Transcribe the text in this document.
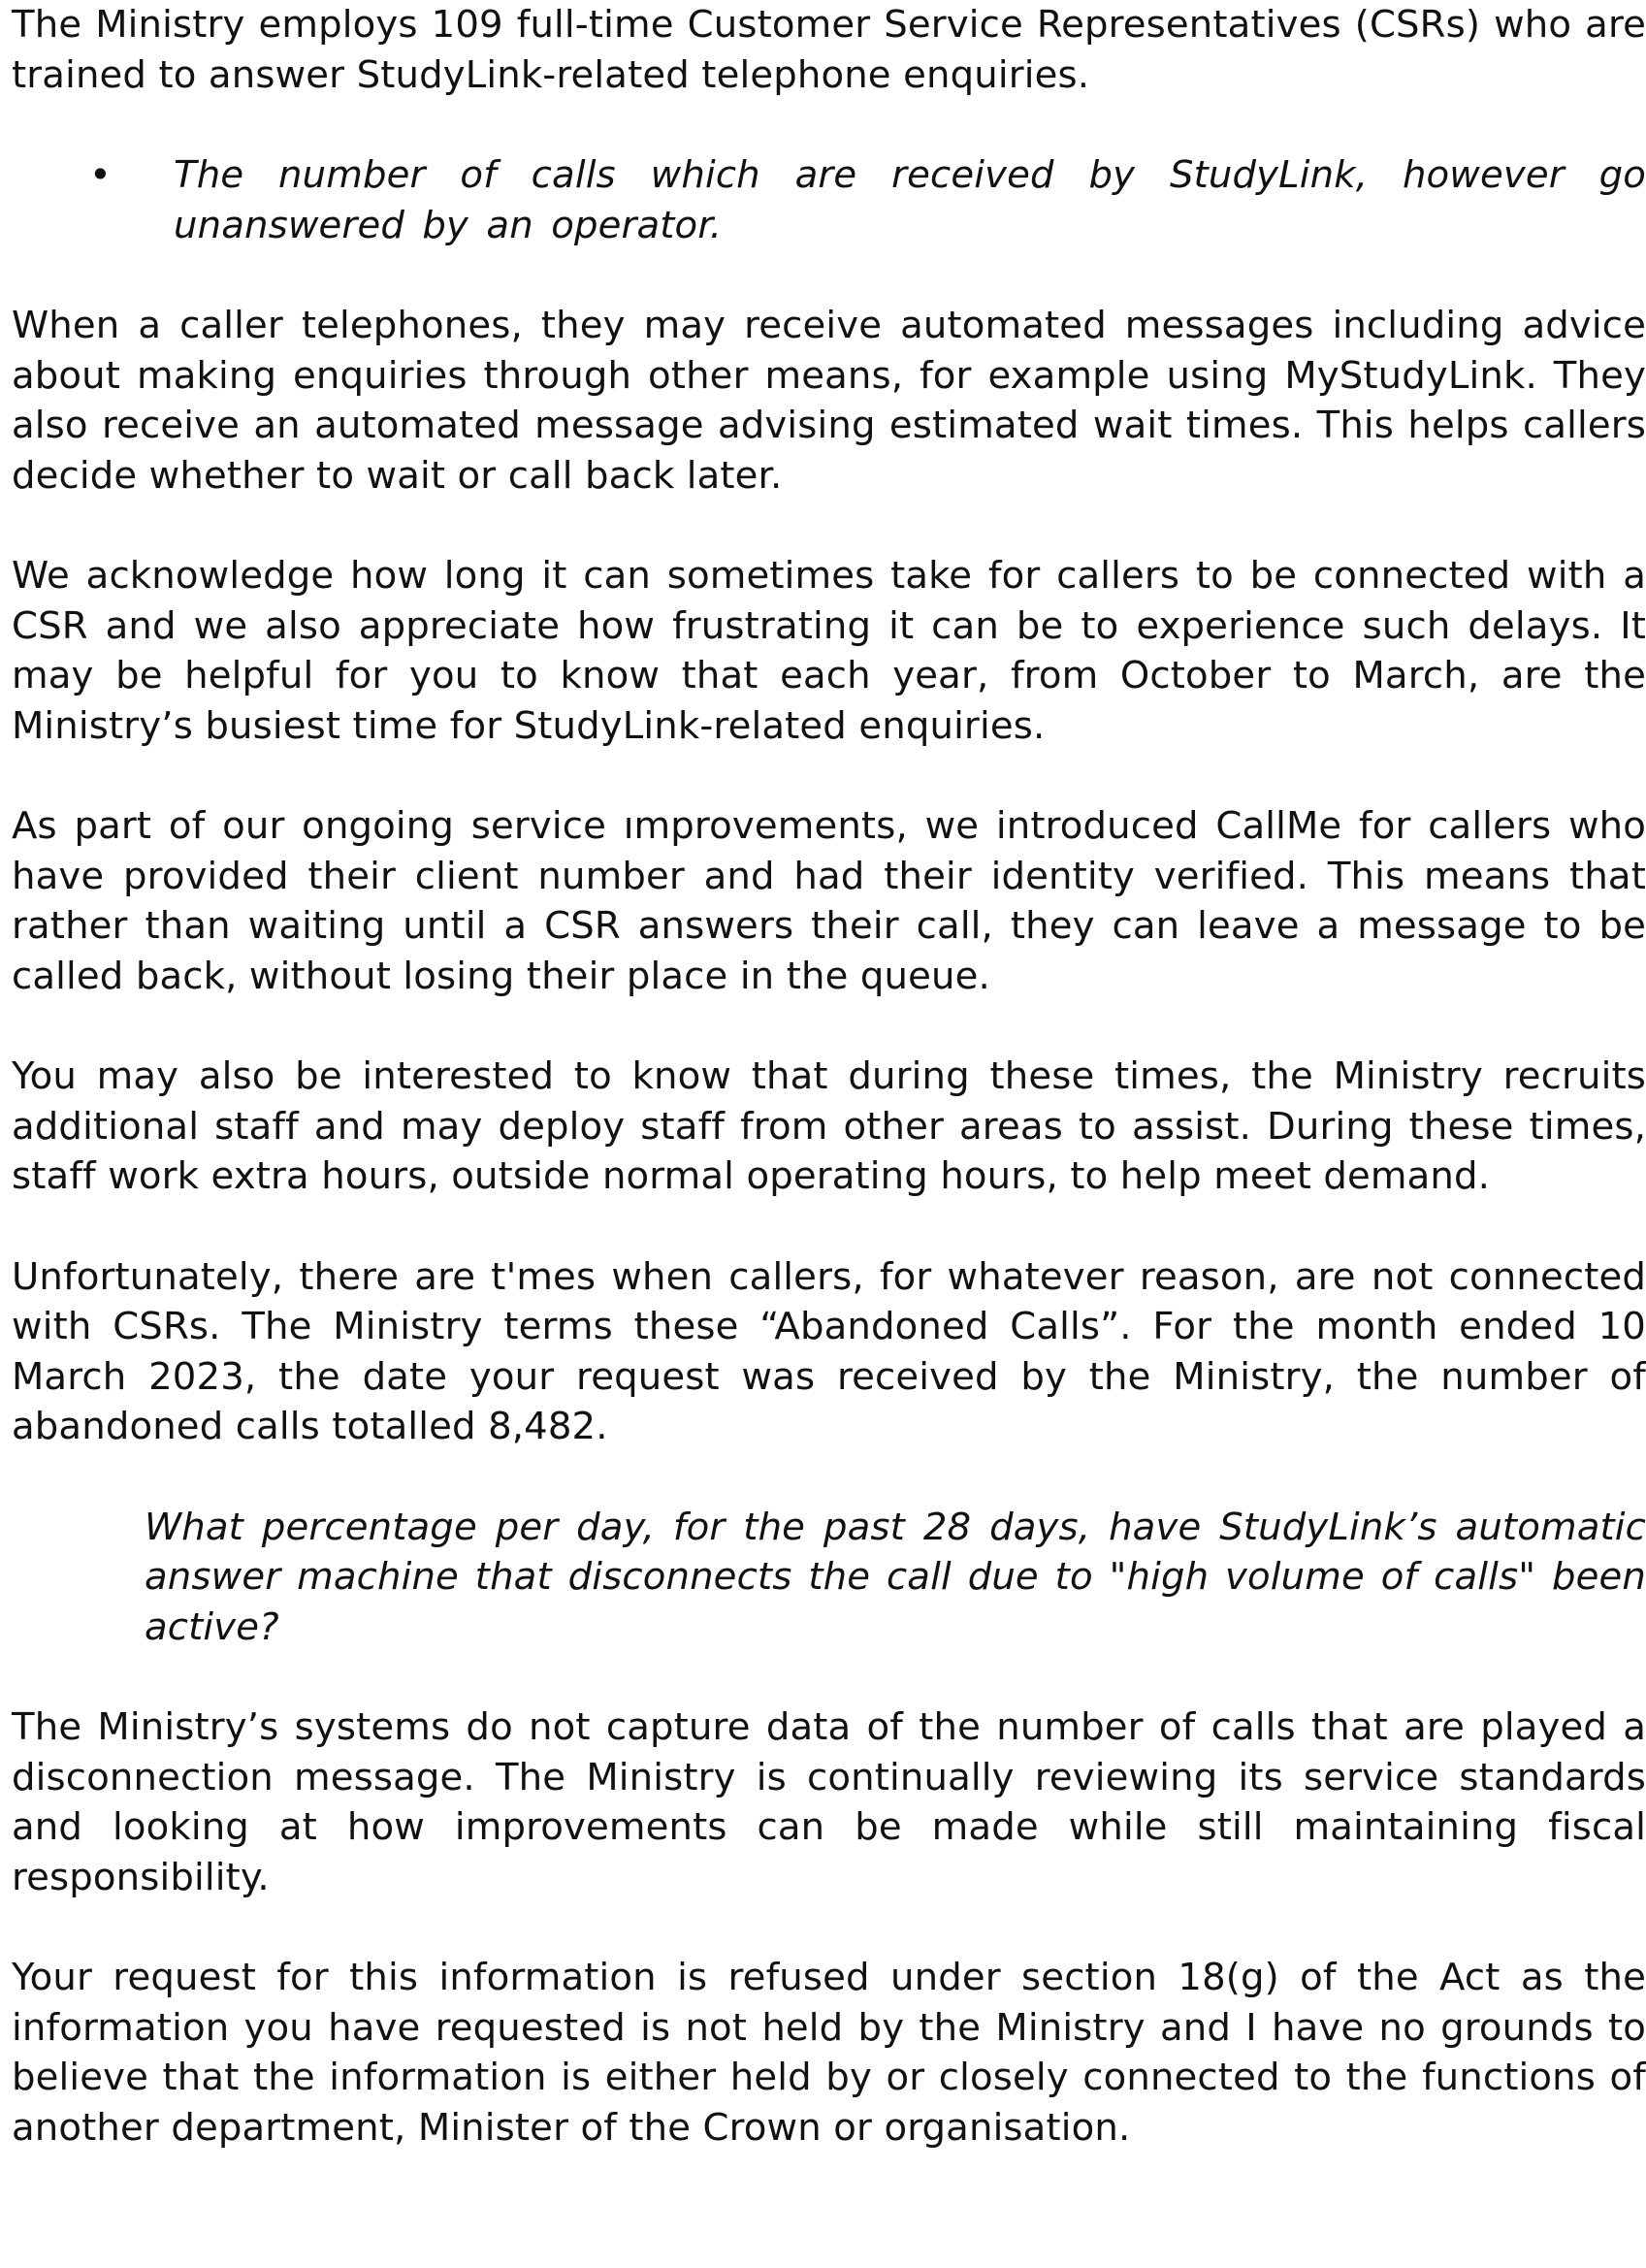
The Ministry employs 109 full-time Customer Service Representatives (CSRs) who are trained to answer StudyLink-related telephone enquiries.

•	The number of calls which are received by StudyLink, however go unanswered by an operator.

When a caller telephones, they may receive automated messages including advice about making enquiries through other means, for example using MyStudyLink. They also receive an automated message advising estimated wait times. This helps callers decide whether to wait or call back later.

We acknowledge how long it can sometimes take for callers to be connected with a CSR and we also appreciate how frustrating it can be to experience such delays. It may be helpful for you to know that each year, from October to March, are the Ministry’s busiest time for StudyLink-related enquiries.

As part of our ongoing service ımprovements, we introduced CallMe for callers who have provided their client number and had their identity verified. This means that rather than waiting until a CSR answers their call, they can leave a message to be called back, without losing their place in the queue.

You may also be interested to know that during these times, the Ministry recruits additional staff and may deploy staff from other areas to assist. During these times, staff work extra hours, outside normal operating hours, to help meet demand.

Unfortunately, there are t'mes when callers, for whatever reason, are not connected with CSRs. The Ministry terms these “Abandoned Calls”. For the month ended 10 March 2023, the date your request was received by the Ministry, the number of abandoned calls totalled 8,482.

What percentage per day, for the past 28 days, have StudyLink’s automatic answer machine that disconnects the call due to "high volume of calls" been active?

The Ministry’s systems do not capture data of the number of calls that are played a disconnection message. The Ministry is continually reviewing its service standards and looking at how improvements can be made while still maintaining fiscal responsibility.

Your request for this information is refused under section 18(g) of the Act as the information you have requested is not held by the Ministry and I have no grounds to believe that the information is either held by or closely connected to the functions of another department, Minister of the Crown or organisation.
